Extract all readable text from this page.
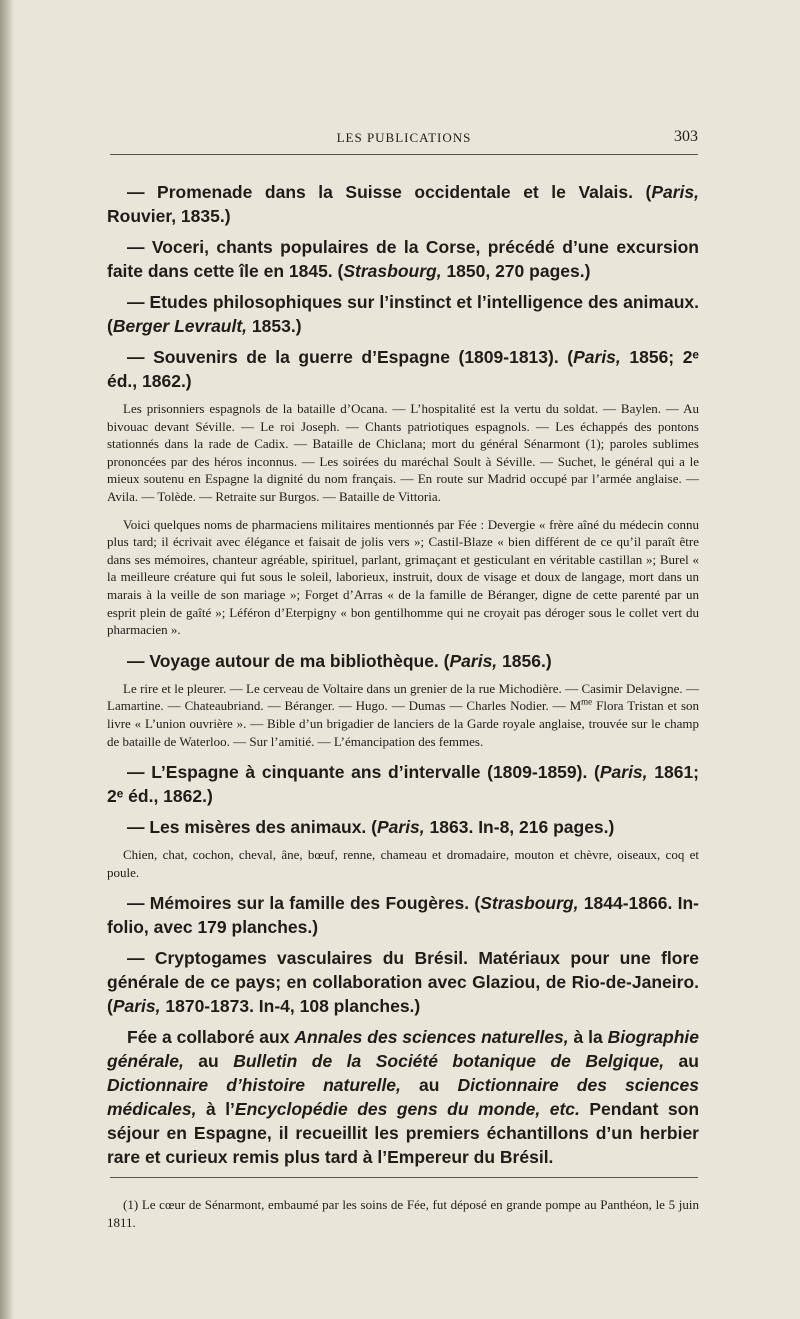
LES PUBLICATIONS	303

— Promenade dans la Suisse occidentale et le Valais. (Paris, Rouvier, 1835.)

— Voceri, chants populaires de la Corse, précédé d’une excursion faite dans cette île en 1845. (Strasbourg, 1850, 270 pages.)

— Etudes philosophiques sur l’instinct et l’intelligence des animaux. (Berger Levrault, 1853.)

— Souvenirs de la guerre d’Espagne (1809-1813). (Paris, 1856; 2ᵉ éd., 1862.)

Les prisonniers espagnols de la bataille d’Ocana. — L’hospitalité est la vertu du soldat. — Baylen. — Au bivouac devant Séville. — Le roi Joseph. — Chants patriotiques espagnols. — Les échappés des pontons stationnés dans la rade de Cadix. — Bataille de Chiclana; mort du général Sénarmont (1); paroles sublimes prononcées par des héros inconnus. — Les soirées du maréchal Soult à Séville. — Suchet, le général qui a le mieux soutenu en Espagne la dignité du nom français. — En route sur Madrid occupé par l’armée anglaise. — Avila. — Tolède. — Retraite sur Burgos. — Bataille de Vittoria.

Voici quelques noms de pharmaciens militaires mentionnés par Fée : Devergie « frère aîné du médecin connu plus tard; il écrivait avec élégance et faisait de jolis vers »; Castil-Blaze « bien différent de ce qu’il paraît être dans ses mémoires, chanteur agréable, spirituel, parlant, grimaçant et gesticulant en véritable castillan »; Burel « la meilleure créature qui fut sous le soleil, laborieux, instruit, doux de visage et doux de langage, mort dans un marais à la veille de son mariage »; Forget d’Arras « de la famille de Béranger, digne de cette parenté par un esprit plein de gaîté »; Léféron d’Eterpigny « bon gentilhomme qui ne croyait pas déroger sous le collet vert du pharmacien ».

— Voyage autour de ma bibliothèque. (Paris, 1856.)

Le rire et le pleurer. — Le cerveau de Voltaire dans un grenier de la rue Michodière. — Casimir Delavigne. — Lamartine. — Chateaubriand. — Béranger. — Hugo. — Dumas — Charles Nodier. — $M^{me}$ Flora Tristan et son livre « L’union ouvrière ». — Bible d’un brigadier de lanciers de la Garde royale anglaise, trouvée sur le champ de bataille de Waterloo. — Sur l’amitié. — L’émancipation des femmes.

— L’Espagne à cinquante ans d’intervalle (1809-1859). (Paris, 1861; 2ᵉ éd., 1862.)

— Les misères des animaux. (Paris, 1863. In-8, 216 pages.)

Chien, chat, cochon, cheval, âne, bœuf, renne, chameau et dromadaire, mouton et chèvre, oiseaux, coq et poule.

— Mémoires sur la famille des Fougères. (Strasbourg, 1844-1866. In-folio, avec 179 planches.)

— Cryptogames vasculaires du Brésil. Matériaux pour une flore générale de ce pays; en collaboration avec Glaziou, de Rio-de-Janeiro. (Paris, 1870-1873. In-4, 108 planches.)

Fée a collaboré aux Annales des sciences naturelles, à la Biographie générale, au Bulletin de la Société botanique de Belgique, au Dictionnaire d’histoire naturelle, au Dictionnaire des sciences médicales, à l’Encyclopédie des gens du monde, etc. Pendant son séjour en Espagne, il recueillit les premiers échantillons d’un herbier rare et curieux remis plus tard à l’Empereur du Brésil.

(1) Le cœur de Sénarmont, embaumé par les soins de Fée, fut déposé en grande pompe au Panthéon, le 5 juin 1811.
